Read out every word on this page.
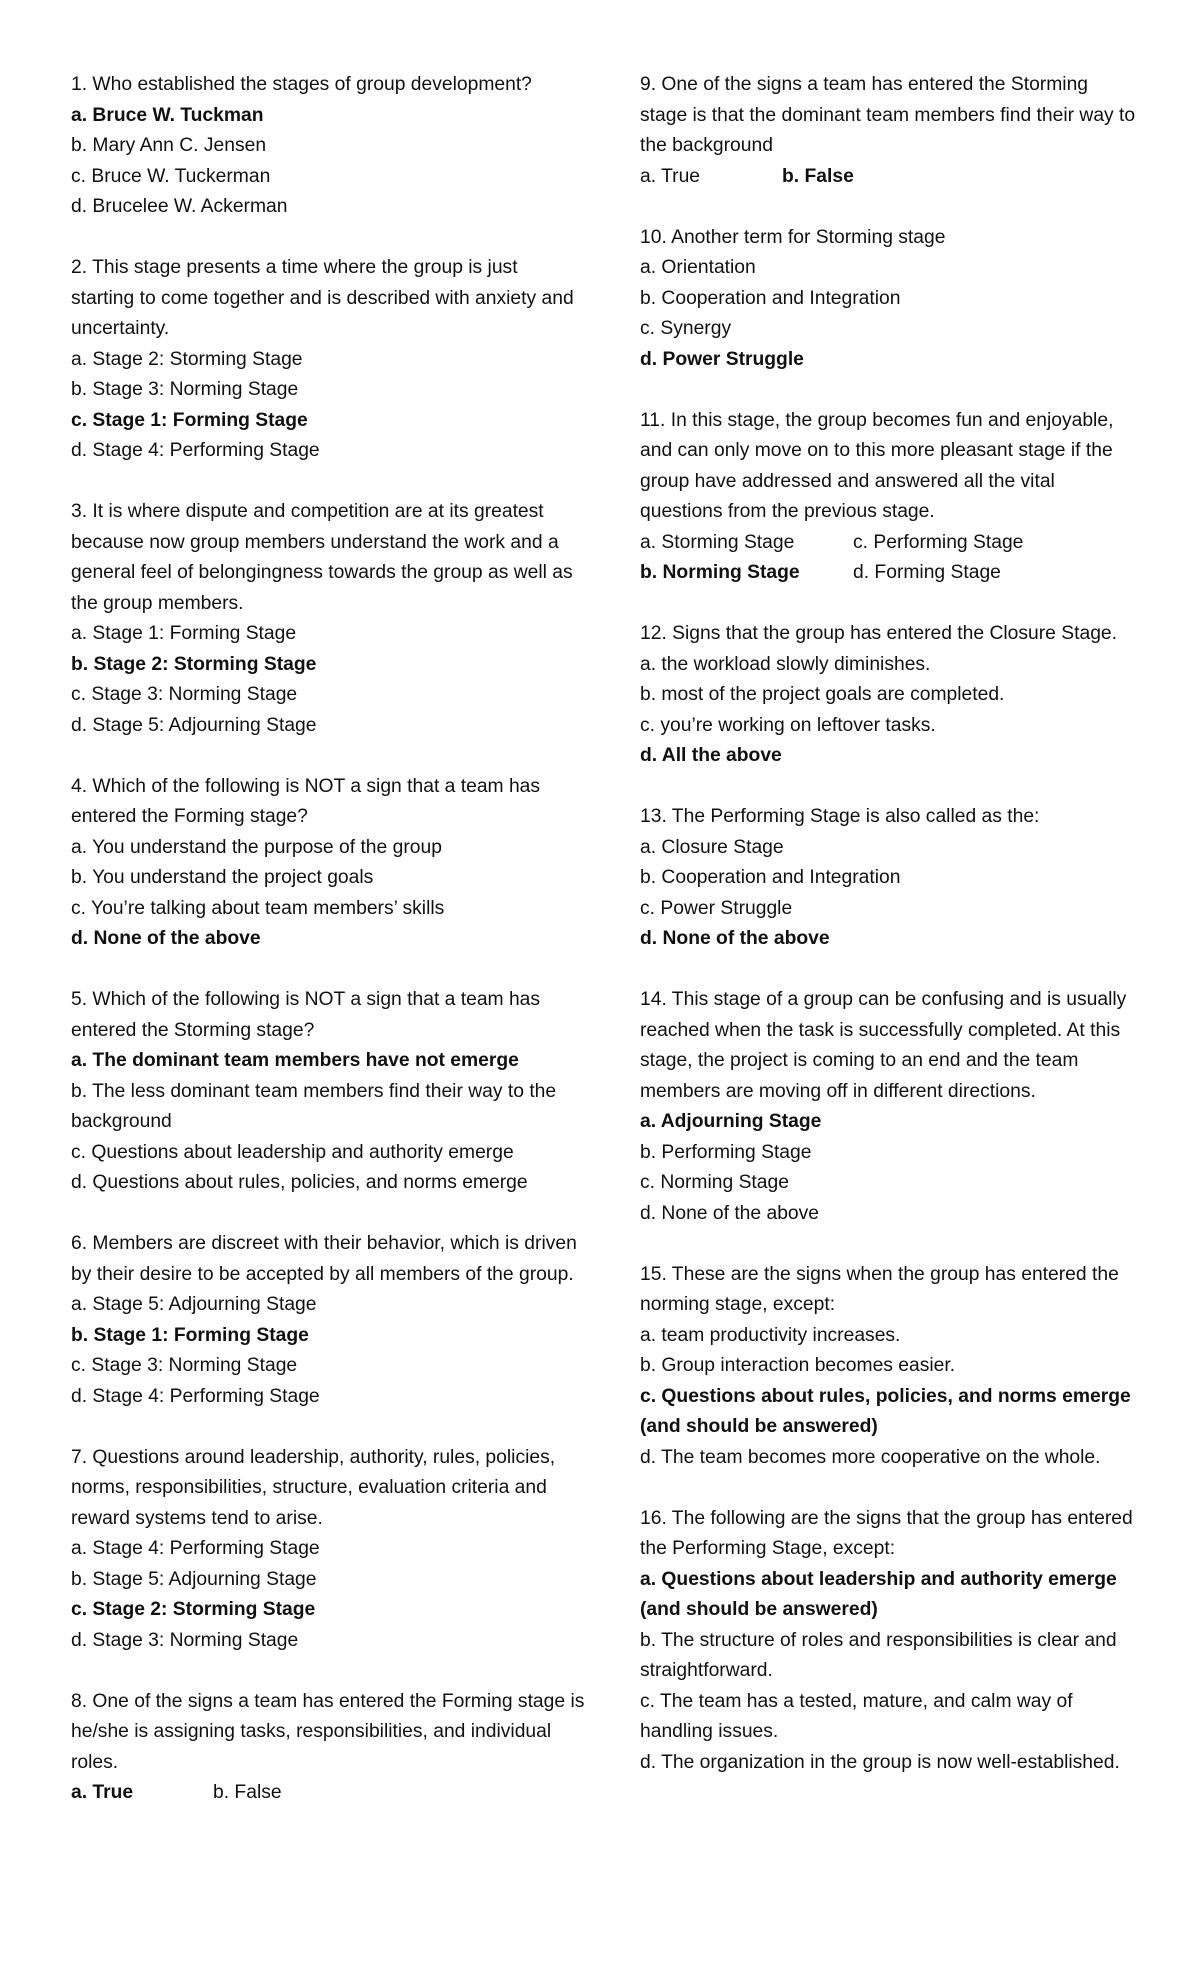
1. Who established the stages of group development?

a. Bruce W. Tuckman

b. Mary Ann C. Jensen

c. Bruce W. Tuckerman

d. Brucelee W. Ackerman

2. This stage presents a time where the group is just starting to come together and is described with anxiety and uncertainty.

a. Stage 2: Storming Stage

b. Stage 3: Norming Stage

c. Stage 1: Forming Stage

d. Stage 4: Performing Stage

3. It is where dispute and competition are at its greatest because now group members understand the work and a general feel of belongingness towards the group as well as the group members.

a. Stage 1: Forming Stage

b. Stage 2: Storming Stage

c. Stage 3: Norming Stage

d. Stage 5: Adjourning Stage

4. Which of the following is NOT a sign that a team has entered the Forming stage?

a. You understand the purpose of the group

b. You understand the project goals

c. You’re talking about team members’ skills

d. None of the above

5. Which of the following is NOT a sign that a team has entered the Storming stage?

a. The dominant team members have not emerge

b. The less dominant team members find their way to the background

c. Questions about leadership and authority emerge

d. Questions about rules, policies, and norms emerge

6. Members are discreet with their behavior, which is driven by their desire to be accepted by all members of the group.

a. Stage 5: Adjourning Stage

b. Stage 1: Forming Stage

c. Stage 3: Norming Stage

d. Stage 4: Performing Stage

7. Questions around leadership, authority, rules, policies, norms, responsibilities, structure, evaluation criteria and reward systems tend to arise.

a. Stage 4: Performing Stage

b. Stage 5: Adjourning Stage

c. Stage 2: Storming Stage

d. Stage 3: Norming Stage

8. One of the signs a team has entered the Forming stage is he/she is assigning tasks, responsibilities, and individual roles.

a. True	b. False

9. One of the signs a team has entered the Storming stage is that the dominant team members find their way to the background

a. True	b. False

10. Another term for Storming stage

a. Orientation

b. Cooperation and Integration

c. Synergy

d. Power Struggle

11. In this stage, the group becomes fun and enjoyable, and can only move on to this more pleasant stage if the group have addressed and answered all the vital questions from the previous stage.

a. Storming Stage	c. Performing Stage

b. Norming Stage	d. Forming Stage

12. Signs that the group has entered the Closure Stage.

a. the workload slowly diminishes.

b. most of the project goals are completed.

c. you’re working on leftover tasks.

d. All the above

13. The Performing Stage is also called as the:

a. Closure Stage

b. Cooperation and Integration

c. Power Struggle

d. None of the above

14. This stage of a group can be confusing and is usually reached when the task is successfully completed. At this stage, the project is coming to an end and the team members are moving off in different directions.

a. Adjourning Stage

b. Performing Stage

c. Norming Stage

d. None of the above

15. These are the signs when the group has entered the norming stage, except:

a. team productivity increases.

b. Group interaction becomes easier.

c. Questions about rules, policies, and norms emerge (and should be answered)

d. The team becomes more cooperative on the whole.

16. The following are the signs that the group has entered the Performing Stage, except:

a. Questions about leadership and authority emerge (and should be answered)

b. The structure of roles and responsibilities is clear and straightforward.

c. The team has a tested, mature, and calm way of handling issues.

d. The organization in the group is now well-established.
